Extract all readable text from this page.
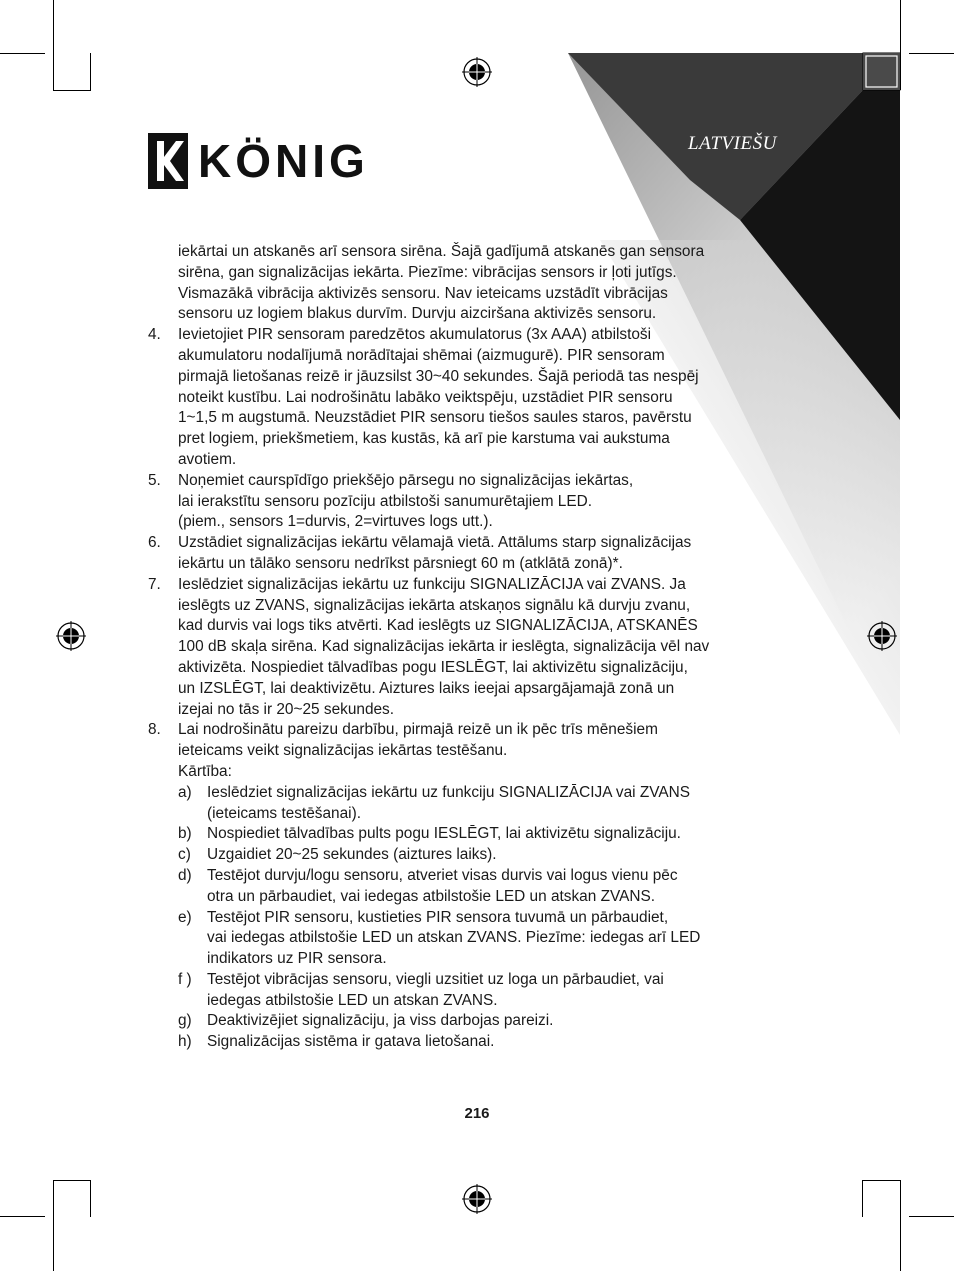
KÖNIG	LATVIEŠU
iekārtai un atskanēs arī sensora sirēna. Šajā gadījumā atskanēs gan sensora
sirēna, gan signalizācijas iekārta. Piezīme: vibrācijas sensors ir ļoti jutīgs.
Vismazākā vibrācija aktivizēs sensoru. Nav ieteicams uzstādīt vibrācijas
sensoru uz logiem blakus durvīm. Durvju aizciršana aktivizēs sensoru.
4. Ievietojiet PIR sensoram paredzētos akumulatorus (3x AAA) atbilstoši
akumulatoru nodalījumā norādītajai shēmai (aizmugurē). PIR sensoram
pirmajā lietošanas reizē ir jāuzsilst 30~40 sekundes. Šajā periodā tas nespēj
noteikt kustību. Lai nodrošinātu labāko veiktspēju, uzstādiet PIR sensoru
1~1,5 m augstumā. Neuzstādiet PIR sensoru tiešos saules staros, pavērstu
pret logiem, priekšmetiem, kas kustās, kā arī pie karstuma vai aukstuma
avotiem.
5. Noņemiet caurspīdīgo priekšējo pārsegu no signalizācijas iekārtas,
lai ierakstītu sensoru pozīciju atbilstoši sanumurētajiem LED.
(piem., sensors 1=durvis, 2=virtuves logs utt.).
6. Uzstādiet signalizācijas iekārtu vēlamajā vietā. Attālums starp signalizācijas
iekārtu un tālāko sensoru nedrīkst pārsniegt 60 m (atklātā zonā)*.
7. Ieslēdziet signalizācijas iekārtu uz funkciju SIGNALIZĀCIJA vai ZVANS. Ja
ieslēgts uz ZVANS, signalizācijas iekārta atskaņos signālu kā durvju zvanu,
kad durvis vai logs tiks atvērti. Kad ieslēgts uz SIGNALIZĀCIJA, ATSKANĒS
100 dB skaļa sirēna. Kad signalizācijas iekārta ir ieslēgta, signalizācija vēl nav
aktivizēta. Nospiediet tālvadības pogu IESLĒGT, lai aktivizētu signalizāciju,
un IZSLĒGT, lai deaktivizētu. Aiztures laiks ieejai apsargājamajā zonā un
izejai no tās ir 20~25 sekundes.
8. Lai nodrošinātu pareizu darbību, pirmajā reizē un ik pēc trīs mēnešiem
ieteicams veikt signalizācijas iekārtas testēšanu.
Kārtība:
a) Ieslēdziet signalizācijas iekārtu uz funkciju SIGNALIZĀCIJA vai ZVANS
(ieteicams testēšanai).
b) Nospiediet tālvadības pults pogu IESLĒGT, lai aktivizētu signalizāciju.
c) Uzgaidiet 20~25 sekundes (aiztures laiks).
d) Testējot durvju/logu sensoru, atveriet visas durvis vai logus vienu pēc
otra un pārbaudiet, vai iedegas atbilstošie LED un atskan ZVANS.
e) Testējot PIR sensoru, kustieties PIR sensora tuvumā un pārbaudiet,
vai iedegas atbilstošie LED un atskan ZVANS. Piezīme: iedegas arī LED
indikators uz PIR sensora.
f ) Testējot vibrācijas sensoru, viegli uzsitiet uz loga un pārbaudiet, vai
iedegas atbilstošie LED un atskan ZVANS.
g) Deaktivizējiet signalizāciju, ja viss darbojas pareizi.
h) Signalizācijas sistēma ir gatava lietošanai.
216
